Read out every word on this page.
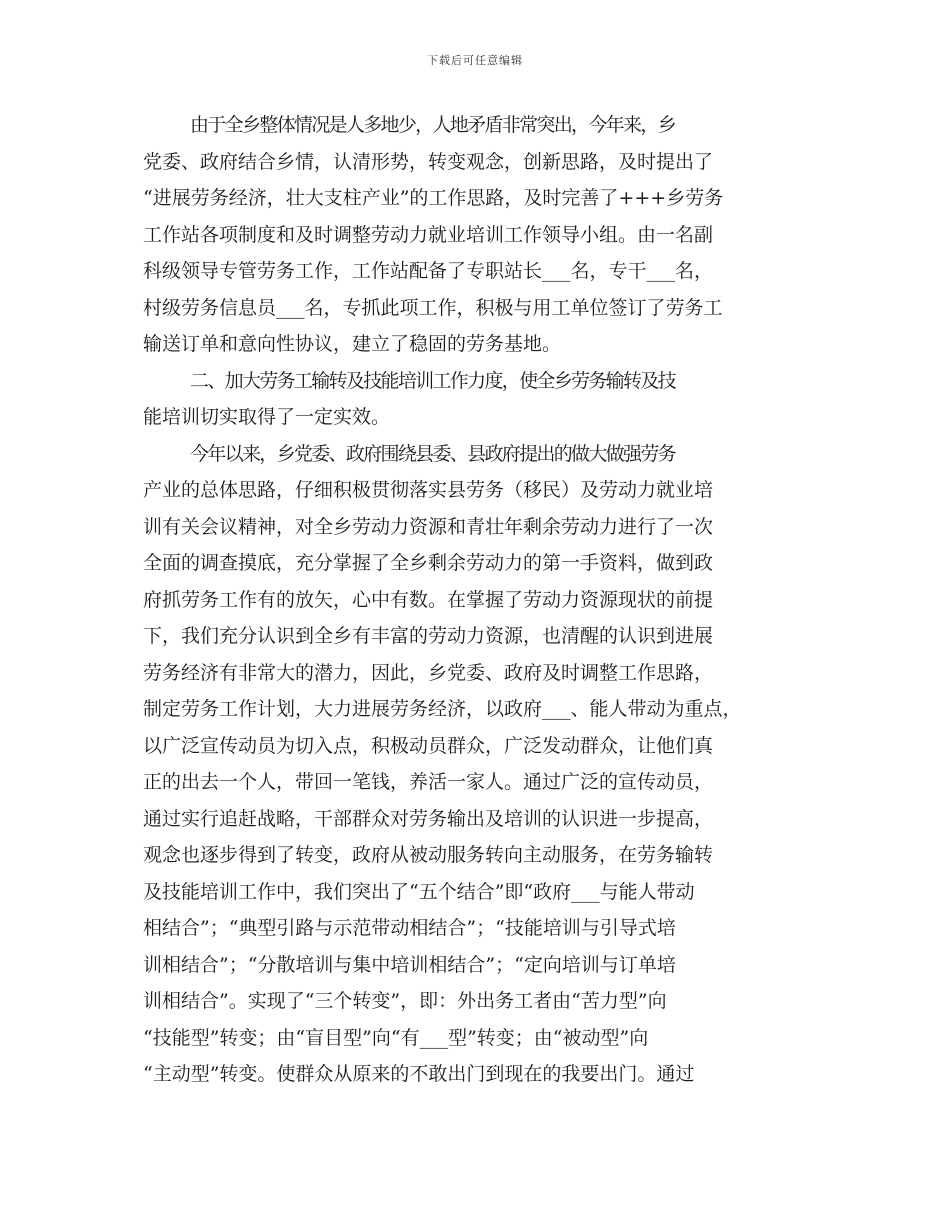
下载后可任意编辑
由于全乡整体情况是人多地少，人地矛盾非常突出，今年来，乡
党委、政府结合乡情，认清形势，转变观念，创新思路，及时提出了
“进展劳务经济，壮大支柱产业”的工作思路，及时完善了+++乡劳务
工作站各项制度和及时调整劳动力就业培训工作领导小组。由一名副
科级领导专管劳务工作，工作站配备了专职站长___名，专干___名，
村级劳务信息员___名，专抓此项工作，积极与用工单位签订了劳务工
输送订单和意向性协议，建立了稳固的劳务基地。
二、加大劳务工输转及技能培训工作力度，使全乡劳务输转及技
能培训切实取得了一定实效。
今年以来，乡党委、政府围绕县委、县政府提出的做大做强劳务
产业的总体思路，仔细积极贯彻落实县劳务（移民）及劳动力就业培
训有关会议精神，对全乡劳动力资源和青壮年剩余劳动力进行了一次
全面的调查摸底，充分掌握了全乡剩余劳动力的第一手资料，做到政
府抓劳务工作有的放矢，心中有数。在掌握了劳动力资源现状的前提
下，我们充分认识到全乡有丰富的劳动力资源，也清醒的认识到进展
劳务经济有非常大的潜力，因此，乡党委、政府及时调整工作思路，
制定劳务工作计划，大力进展劳务经济，以政府___、能人带动为重点，
以广泛宣传动员为切入点，积极动员群众，广泛发动群众，让他们真
正的出去一个人，带回一笔钱，养活一家人。通过广泛的宣传动员，
通过实行追赶战略，干部群众对劳务输出及培训的认识进一步提高，
观念也逐步得到了转变，政府从被动服务转向主动服务，在劳务输转
及技能培训工作中，我们突出了“五个结合”即“政府___与能人带动
相结合”；“典型引路与示范带动相结合”；“技能培训与引导式培
训相结合”；“分散培训与集中培训相结合”；“定向培训与订单培
训相结合”。实现了“三个转变”，即：外出务工者由“苦力型”向
“技能型”转变；由“盲目型”向“有___型”转变；由“被动型”向
“主动型”转变。使群众从原来的不敢出门到现在的我要出门。通过
